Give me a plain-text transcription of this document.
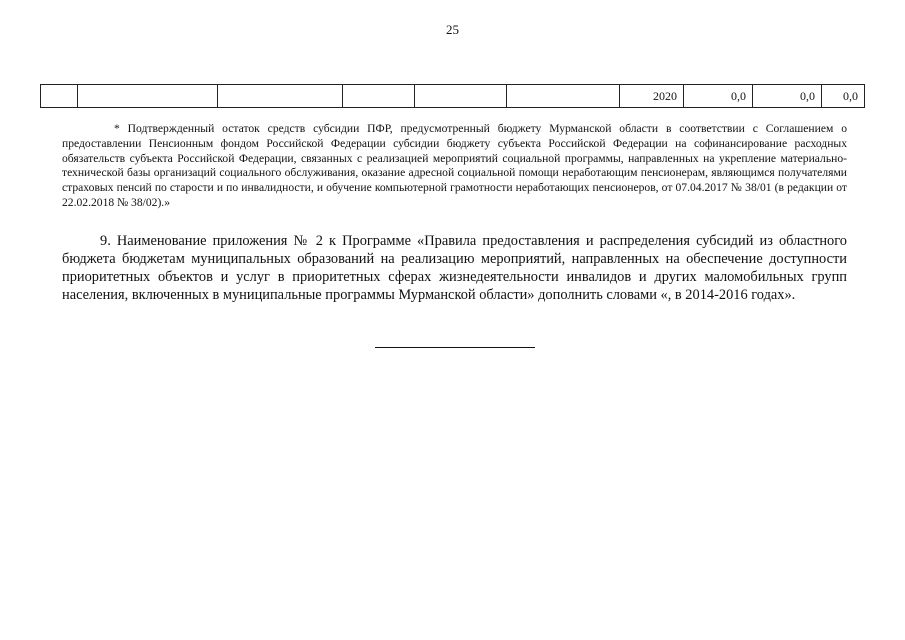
25
						2020	0,0	0,0	0,0

* Подтвержденный остаток средств субсидии ПФР, предусмотренный бюджету Мурманской области в соответствии с Соглашением о предоставлении Пенсионным фондом Российской Федерации субсидии бюджету субъекта Российской Федерации на софинансирование расходных обязательств субъекта Российской Федерации, связанных с реализацией мероприятий социальной программы, направленных на укрепление материально-технической базы организаций социального обслуживания, оказание адресной социальной помощи неработающим пенсионерам, являющимся получателями страховых пенсий по старости и по инвалидности, и обучение компьютерной грамотности неработающих пенсионеров, от 07.04.2017 № 38/01 (в редакции от 22.02.2018 № 38/02).»

9. Наименование приложения № 2 к Программе «Правила предоставления и распределения субсидий из областного бюджета бюджетам муниципальных образований на реализацию мероприятий, направленных на обеспечение доступности приоритетных объектов и услуг в приоритетных сферах жизнедеятельности инвалидов и других маломобильных групп населения, включенных в муниципальные программы Мурманской области» дополнить словами «, в 2014-2016 годах».
